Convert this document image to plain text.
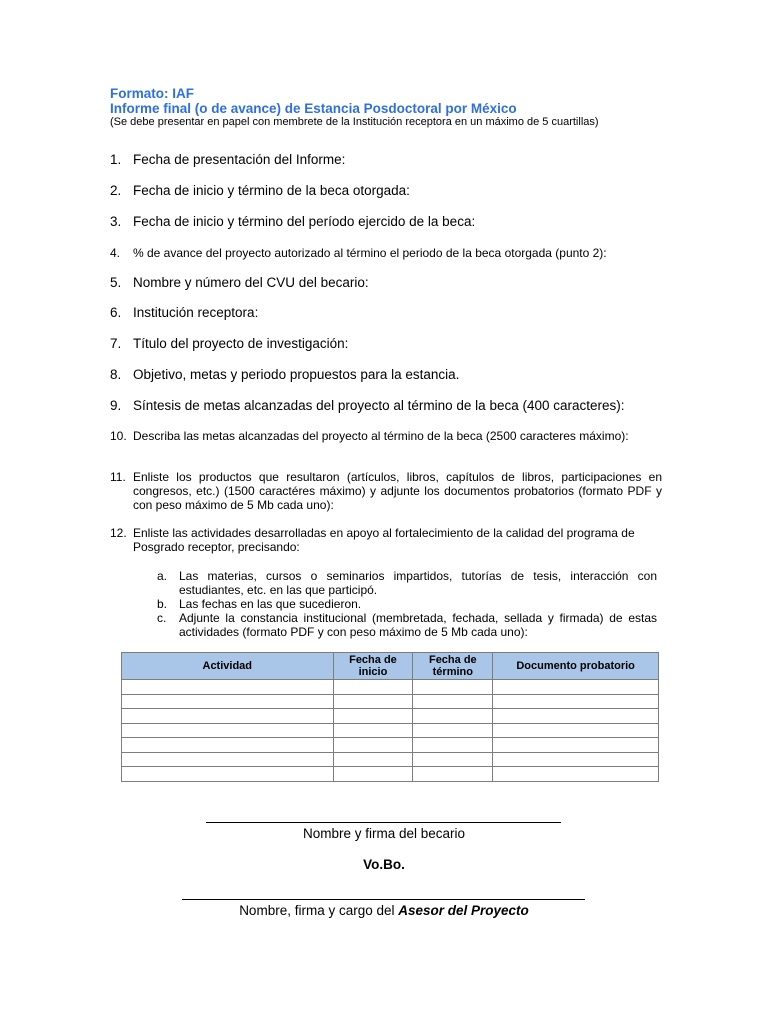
Formato: IAF
Informe final (o de avance) de Estancia Posdoctoral por México
(Se debe presentar en papel con membrete de la Institución receptora en un máximo de 5 cuartillas)
1. Fecha de presentación del Informe:
2. Fecha de inicio y término de la beca otorgada:
3. Fecha de inicio y término del período ejercido de la beca:
4.	% de avance del proyecto autorizado al término el periodo de la beca otorgada (punto 2):
5. Nombre y número del CVU del becario:
6. Institución receptora:
7. Título del proyecto de investigación:
8. Objetivo, metas y periodo propuestos para la estancia.
9. Síntesis de metas alcanzadas del proyecto al término de la beca (400 caracteres):
10. Describa las metas alcanzadas del proyecto al término de la beca (2500 caracteres máximo):
11. Enliste los productos que resultaron (artículos, libros, capítulos de libros, participaciones en congresos, etc.) (1500 caractéres máximo) y adjunte los documentos probatorios (formato PDF y con peso máximo de 5 Mb cada uno):
12. Enliste las actividades desarrolladas en apoyo al fortalecimiento de la calidad del programa de Posgrado receptor, precisando:
a. Las materias, cursos o seminarios impartidos, tutorías de tesis, interacción con estudiantes, etc. en las que participó.
b. Las fechas en las que sucedieron.
c.	Adjunte la constancia institucional (membretada, fechada, sellada y firmada) de estas actividades (formato PDF y con peso máximo de 5 Mb cada uno):
Actividad	Fecha de inicio	Fecha de término	Documento probatorio

Nombre y firma del becario
Vo.Bo.
Nombre, firma y cargo del Asesor del Proyecto
